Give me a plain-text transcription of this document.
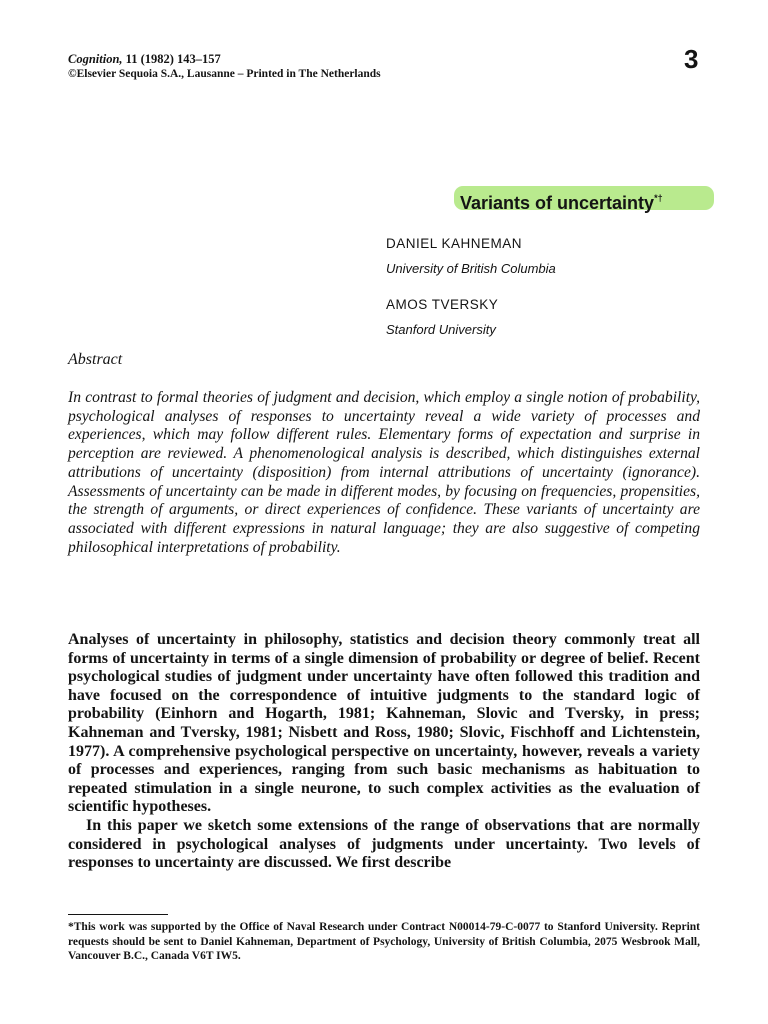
Cognition, 11 (1982) 143–157
©Elsevier Sequoia S.A., Lausanne – Printed in The Netherlands	3
Variants of uncertainty*†
DANIEL KAHNEMAN
University of British Columbia
AMOS TVERSKY
Stanford University
Abstract
In contrast to formal theories of judgment and decision, which employ a single notion of probability, psychological analyses of responses to uncertainty reveal a wide variety of processes and experiences, which may follow different rules. Elementary forms of expectation and surprise in perception are reviewed. A phenomenological analysis is described, which distinguishes external attributions of uncertainty (disposition) from internal attributions of uncertainty (ignorance). Assessments of uncertainty can be made in different modes, by focusing on frequencies, propensities, the strength of arguments, or direct experiences of confidence. These variants of uncertainty are associated with different expressions in natural language; they are also suggestive of competing philosophical interpretations of probability.

Analyses of uncertainty in philosophy, statistics and decision theory commonly treat all forms of uncertainty in terms of a single dimension of probability or degree of belief. Recent psychological studies of judgment under uncertainty have often followed this tradition and have focused on the correspondence of intuitive judgments to the standard logic of probability (Einhorn and Hogarth, 1981; Kahneman, Slovic and Tversky, in press; Kahneman and Tversky, 1981; Nisbett and Ross, 1980; Slovic, Fischhoff and Lichtenstein, 1977). A comprehensive psychological perspective on uncertainty, however, reveals a variety of processes and experiences, ranging from such basic mechanisms as habituation to repeated stimulation in a single neurone, to such complex activities as the evaluation of scientific hypotheses.

In this paper we sketch some extensions of the range of observations that are normally considered in psychological analyses of judgments under uncertainty. Two levels of responses to uncertainty are discussed. We first describe

*This work was supported by the Office of Naval Research under Contract N00014-79-C-0077 to Stanford University. Reprint requests should be sent to Daniel Kahneman, Department of Psychology, University of British Columbia, 2075 Wesbrook Mall, Vancouver B.C., Canada V6T IW5.
